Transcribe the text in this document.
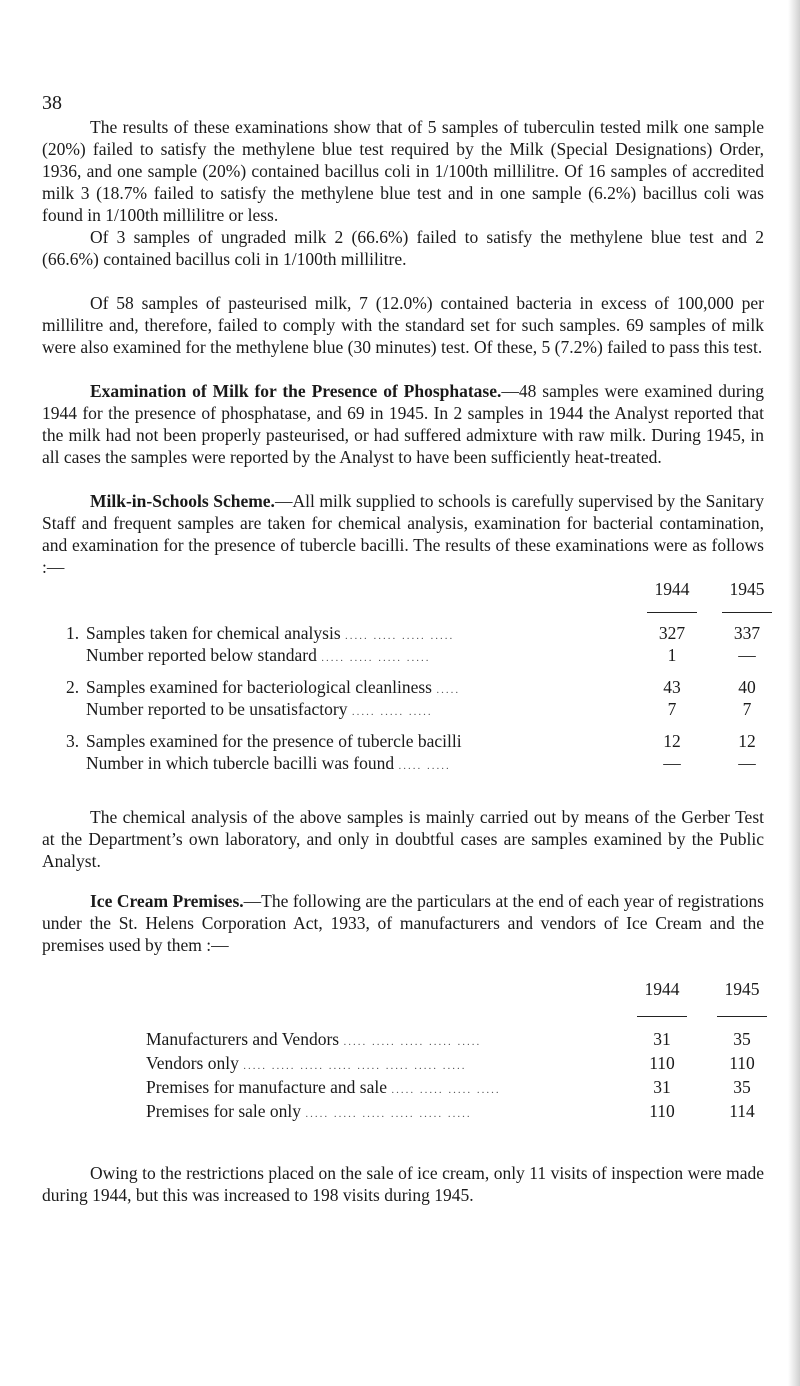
38

The results of these examinations show that of 5 samples of tuberculin tested milk one sample (20%) failed to satisfy the methylene blue test required by the Milk (Special Designations) Order, 1936, and one sample (20%) contained bacillus coli in 1/100th millilitre. Of 16 samples of accredited milk 3 (18.7% failed to satisfy the methylene blue test and in one sample (6.2%) bacillus coli was found in 1/100th millilitre or less.

Of 3 samples of ungraded milk 2 (66.6%) failed to satisfy the methylene blue test and 2 (66.6%) contained bacillus coli in 1/100th millilitre.

Of 58 samples of pasteurised milk, 7 (12.0%) contained bacteria in excess of 100,000 per millilitre and, therefore, failed to comply with the standard set for such samples. 69 samples of milk were also examined for the methylene blue (30 minutes) test. Of these, 5 (7.2%) failed to pass this test.

Examination of Milk for the Presence of Phosphatase.—48 samples were examined during 1944 for the presence of phosphatase, and 69 in 1945. In 2 samples in 1944 the Analyst reported that the milk had not been properly pasteurised, or had suffered admixture with raw milk. During 1945, in all cases the samples were reported by the Analyst to have been sufficiently heat-treated.

Milk-in-Schools Scheme.—All milk supplied to schools is carefully supervised by the Sanitary Staff and frequent samples are taken for chemical analysis, examination for bacterial contamination, and examination for the presence of tubercle bacilli. The results of these examinations were as follows :—

1944	1945
1. Samples taken for chemical analysis ..... ..... ..... .....	327	337
Number reported below standard ..... ..... ..... .....	1	—
2. Samples examined for bacteriological cleanliness .....	43	40
Number reported to be unsatisfactory ..... ..... .....	7	7
3. Samples examined for the presence of tubercle bacilli	12	12
Number in which tubercle bacilli was found ..... .....	—	—

The chemical analysis of the above samples is mainly carried out by means of the Gerber Test at the Department’s own laboratory, and only in doubtful cases are samples examined by the Public Analyst.

Ice Cream Premises.—The following are the particulars at the end of each year of registrations under the St. Helens Corporation Act, 1933, of manufacturers and vendors of Ice Cream and the premises used by them :—

1944	1945
Manufacturers and Vendors ..... ..... ..... ..... .....	31	35
Vendors only ..... ..... ..... ..... ..... ..... ..... .....	110	110
Premises for manufacture and sale ..... ..... ..... .....	31	35
Premises for sale only ..... ..... ..... ..... ..... .....	110	114

Owing to the restrictions placed on the sale of ice cream, only 11 visits of inspection were made during 1944, but this was increased to 198 visits during 1945.
